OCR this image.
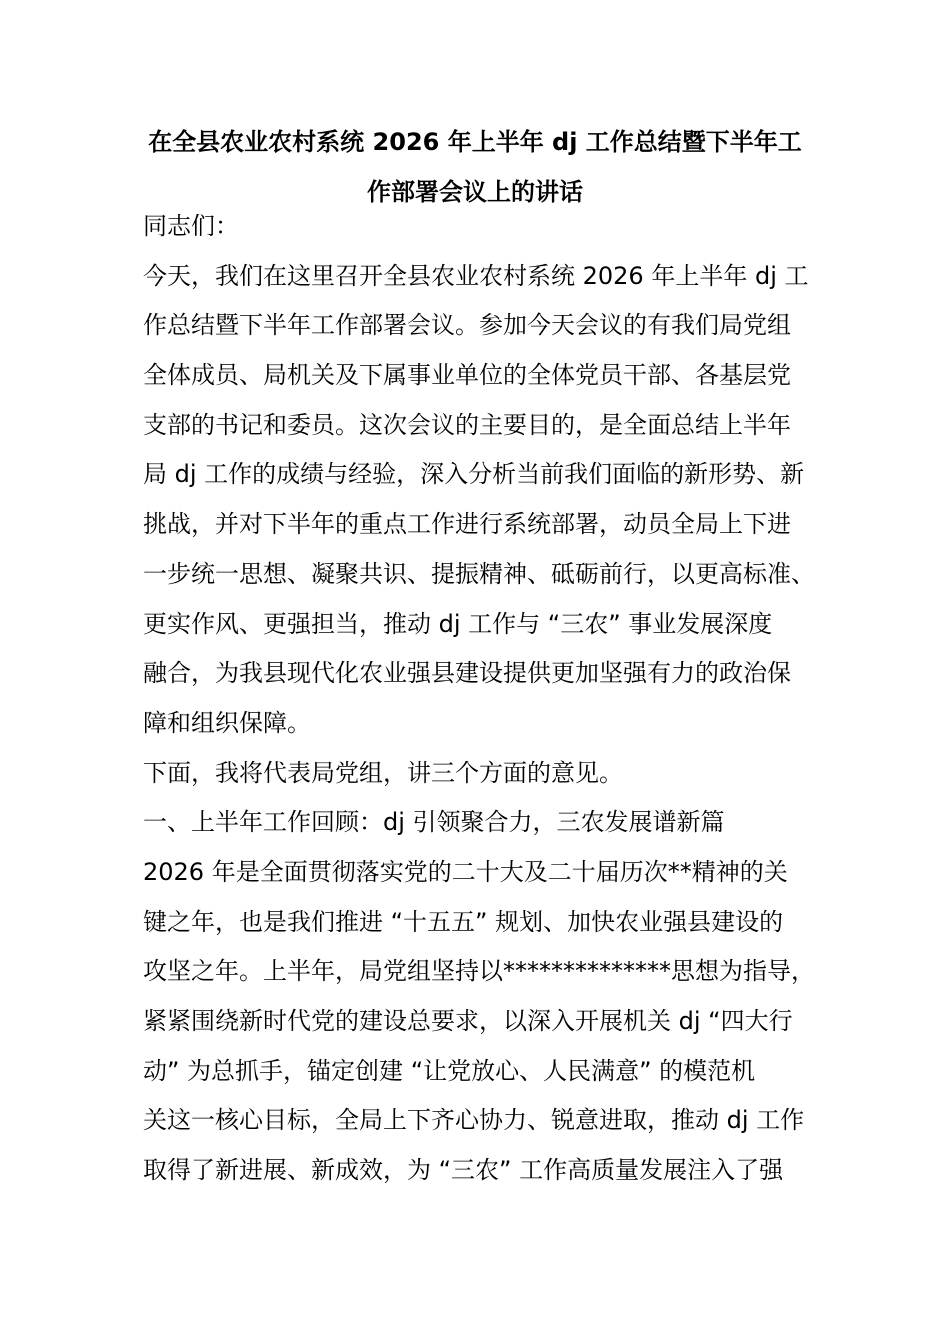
在全县农业农村系统 2026 年上半年 dj 工作总结暨下半年工
作部署会议上的讲话
同志们：
今天，我们在这里召开全县农业农村系统 2026 年上半年 dj 工
作总结暨下半年工作部署会议。参加今天会议的有我们局党组
全体成员、局机关及下属事业单位的全体党员干部、各基层党
支部的书记和委员。这次会议的主要目的，是全面总结上半年
局 dj 工作的成绩与经验，深入分析当前我们面临的新形势、新
挑战，并对下半年的重点工作进行系统部署，动员全局上下进
一步统一思想、凝聚共识、提振精神、砥砺前行，以更高标准、
更实作风、更强担当，推动 dj 工作与 “三农” 事业发展深度
融合，为我县现代化农业强县建设提供更加坚强有力的政治保
障和组织保障。
下面，我将代表局党组，讲三个方面的意见。
一、上半年工作回顾：dj 引领聚合力，三农发展谱新篇
2026 年是全面贯彻落实党的二十大及二十届历次**精神的关
键之年，也是我们推进 “十五五” 规划、加快农业强县建设的
攻坚之年。上半年，局党组坚持以**************思想为指导，
紧紧围绕新时代党的建设总要求，以深入开展机关 dj “四大行
动” 为总抓手，锚定创建 “让党放心、人民满意” 的模范机
关这一核心目标，全局上下齐心协力、锐意进取，推动 dj 工作
取得了新进展、新成效，为 “三农” 工作高质量发展注入了强
